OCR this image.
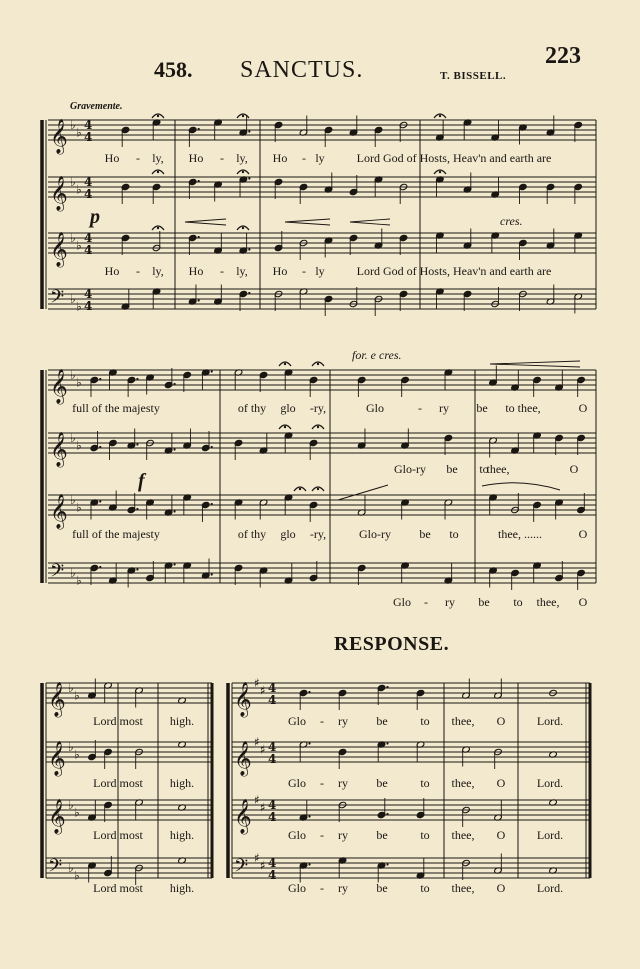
458. SANCTUS.	T. BISSELL.
223
Gravemente.
RESPONSE.
p	cres.
for. e cres.
f
𝄞 ♭
♭
4
4
𝄞 ♭
♭
4
4
𝄞 ♭
♭
4
4
𝄢 ♭
♭
4
4
𝄞 ♭
♭
𝄞 ♭
♭
𝄞 ♭
♭
𝄢 ♭
♭
𝄞 ♭
♭
𝄞 ♭
♭
𝄞 ♭
♭
𝄢 ♭
♭
𝄞 ♯
♯ 4
4
𝄞 ♯
♯ 4
4
𝄞 ♯
♯ 4
4
𝄢 ♯
♯ 4
4
Ho - ly, Ho - ly, Ho - ly	Lord God of Hosts, Heav'n and earth are
Ho - ly, Ho - ly, Ho - ly	Lord God of Hosts, Heav'n and earth are
full of the majesty	of thy glo -ry,	Glo	- ry be to thee,	O
Glo-ry be to
thee,	O
full of the majesty	of thy glo -ry,	Glo-ry be to	thee, ......	O
Glo - ry be to thee, O
Lord most high.
Lord most high.
Lord most high.
Lord most high.
Glo - ry be	to thee, O	Lord.
Glo - ry be	to thee, O	Lord.
Glo - ry be	to thee, O	Lord.
Glo - ry be	to thee, O	Lord.
